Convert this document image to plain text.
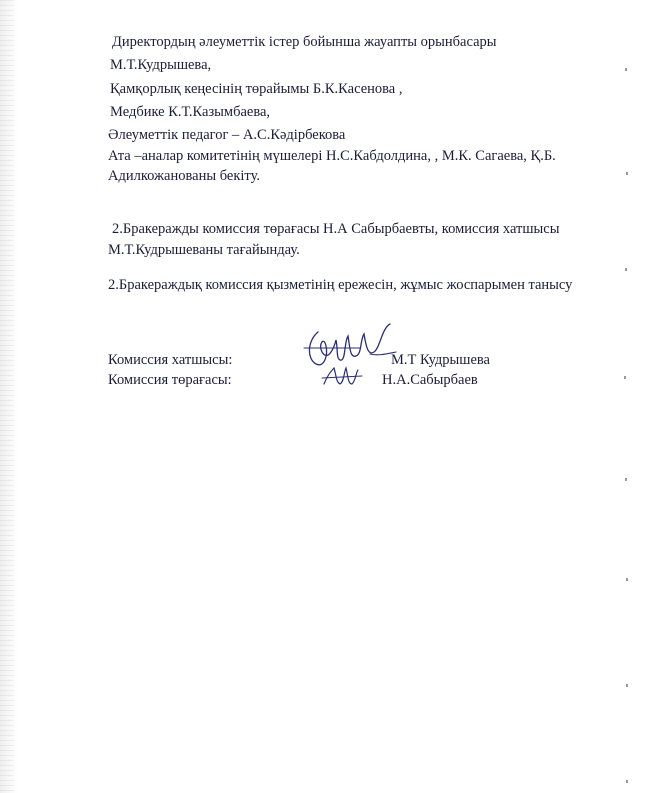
Директордың әлеуметтік істер бойынша жауапты орынбасары
М.Т.Кудрышева,
Қамқорлық кеңесінің төрайымы Б.К.Касенова ,
Медбике К.Т.Казымбаева,
Әлеуметтік педагог – А.С.Кәдірбекова
Ата –аналар комитетінің мүшелері Н.С.Кабдолдина, , М.К. Сагаева, Қ.Б.
Адилкожанованы бекіту.
2.Бракеражды комиссия төрағасы Н.А Сабырбаевты, комиссия хатшысы
М.Т.Кудрышеваны тағайындау.
2.Бракераждық комиссия қызметінің ережесін, жұмыс жоспарымен танысу
Комиссия хатшысы:	М.Т Кудрышева
Комиссия төрағасы:	Н.А.Сабырбаев
